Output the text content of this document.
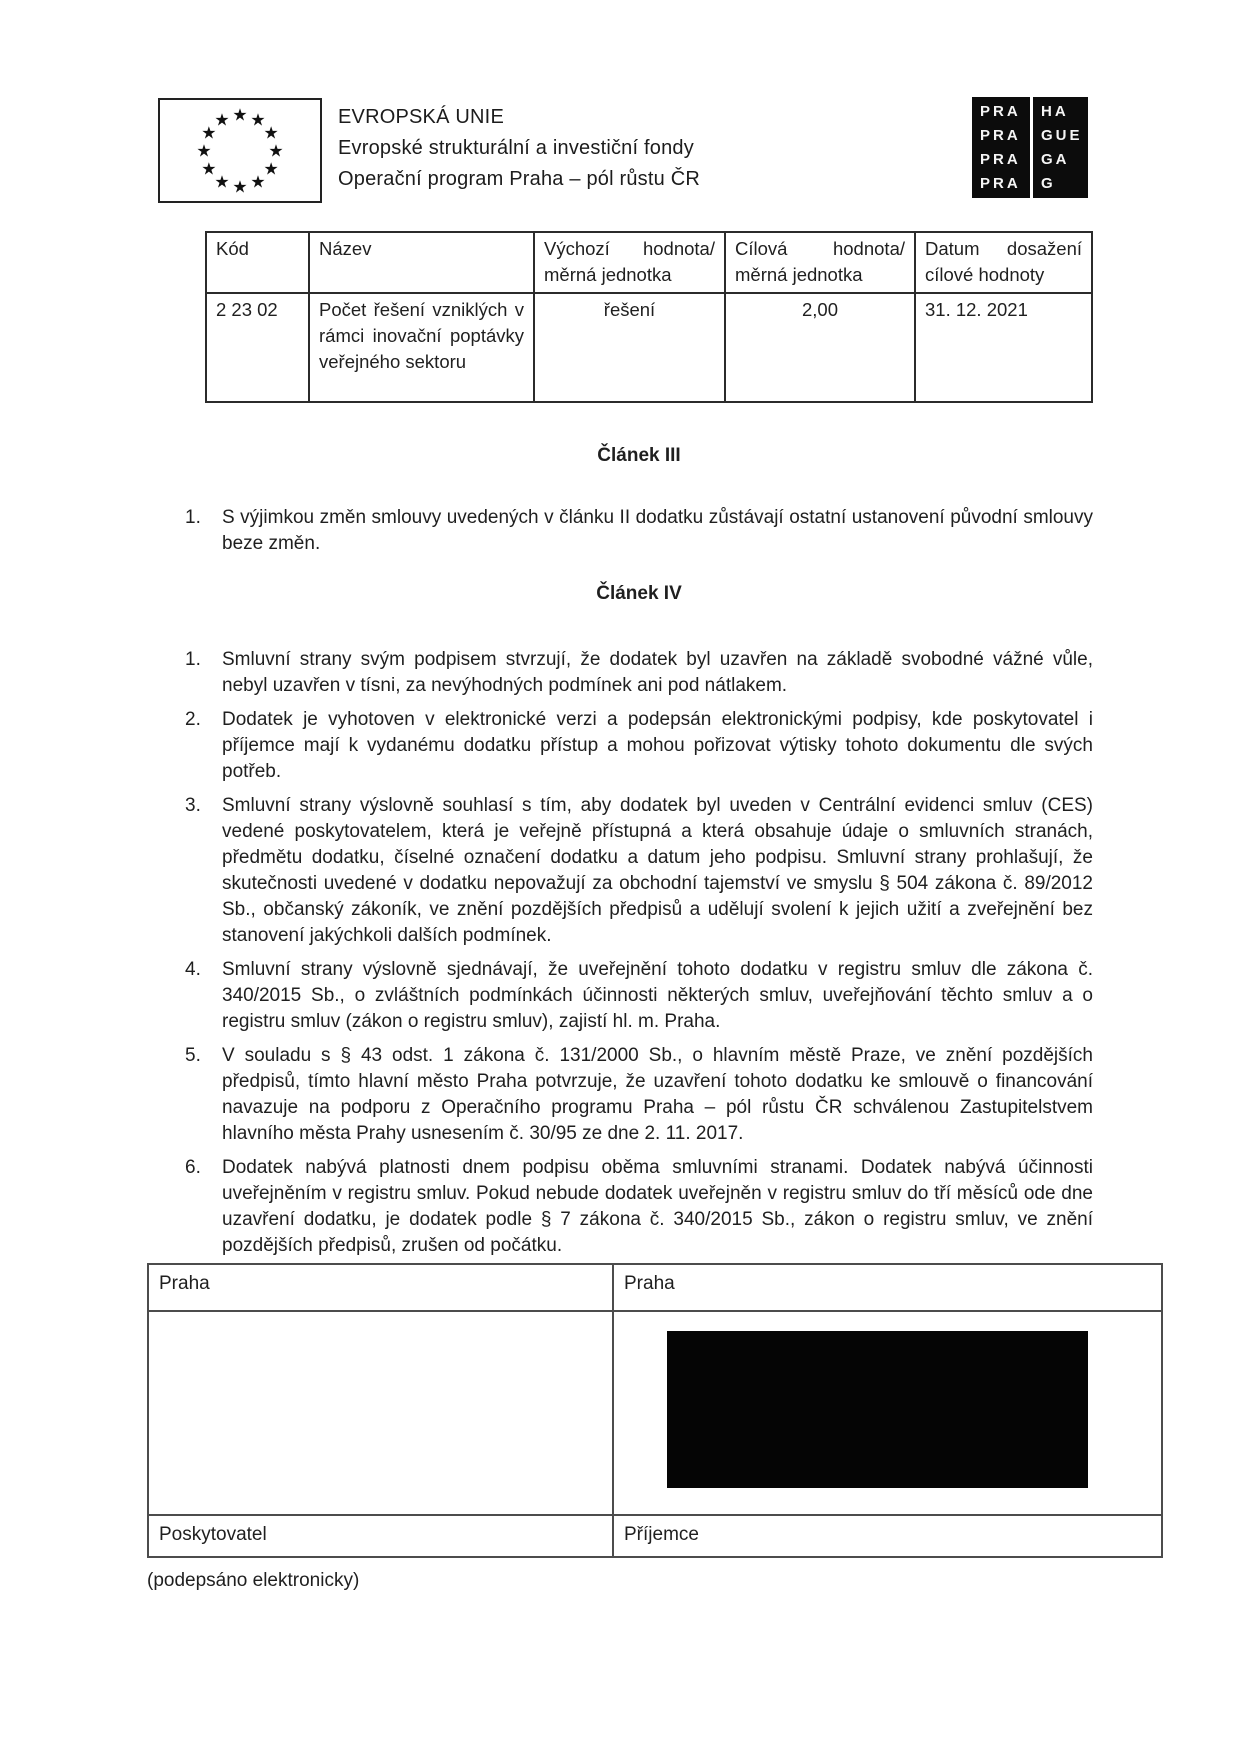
★ ★
★
★
★
★
★
★
★
★
★
★	EVROPSKÁ UNIE
Evropské strukturální a investiční fondy
Operační program Praha – pól růstu ČR
PRA
PRA
PRA
PRA
HA
GUE
GA
G
Kód	Název	Výchozí hodnota/ měrná jednotka	Cílová hodnota/ měrná jednotka	Datum dosažení cílové hodnoty
2 23 02	Počet řešení vzniklých v rámci inovační poptávky veřejného sektoru	řešení	2,00	31. 12. 2021
Článek III
1.	S výjimkou změn smlouvy uvedených v článku II dodatku zůstávají ostatní ustanovení původní smlouvy beze změn.
Článek IV
1.	Smluvní strany svým podpisem stvrzují, že dodatek byl uzavřen na základě svobodné vážné vůle, nebyl uzavřen v tísni, za nevýhodných podmínek ani pod nátlakem.
2.	Dodatek je vyhotoven v elektronické verzi a podepsán elektronickými podpisy, kde poskytovatel i příjemce mají k vydanému dodatku přístup a mohou pořizovat výtisky tohoto dokumentu dle svých potřeb.
3.	Smluvní strany výslovně souhlasí s tím, aby dodatek byl uveden v Centrální evidenci smluv (CES) vedené poskytovatelem, která je veřejně přístupná a která obsahuje údaje o smluvních stranách, předmětu dodatku, číselné označení dodatku a datum jeho podpisu. Smluvní strany prohlašují, že skutečnosti uvedené v dodatku nepovažují za obchodní tajemství ve smyslu § 504 zákona č. 89/2012 Sb., občanský zákoník, ve znění pozdějších předpisů a udělují svolení k jejich užití a zveřejnění bez stanovení jakýchkoli dalších podmínek.
4.	Smluvní strany výslovně sjednávají, že uveřejnění tohoto dodatku v registru smluv dle zákona č. 340/2015 Sb., o zvláštních podmínkách účinnosti některých smluv, uveřejňování těchto smluv a o registru smluv (zákon o registru smluv), zajistí hl. m. Praha.
5.	V souladu s § 43 odst. 1 zákona č. 131/2000 Sb., o hlavním městě Praze, ve znění pozdějších předpisů, tímto hlavní město Praha potvrzuje, že uzavření tohoto dodatku ke smlouvě o financování navazuje na podporu z Operačního programu Praha – pól růstu ČR schválenou Zastupitelstvem hlavního města Prahy usnesením č. 30/95 ze dne 2. 11. 2017.
6.	Dodatek nabývá platnosti dnem podpisu oběma smluvními stranami. Dodatek nabývá účinnosti uveřejněním v registru smluv. Pokud nebude dodatek uveřejněn v registru smluv do tří měsíců ode dne uzavření dodatku, je dodatek podle § 7 zákona č. 340/2015 Sb., zákon o registru smluv, ve znění pozdějších předpisů, zrušen od počátku.
Praha	Praha

Poskytovatel	Příjemce
(podepsáno elektronicky)
